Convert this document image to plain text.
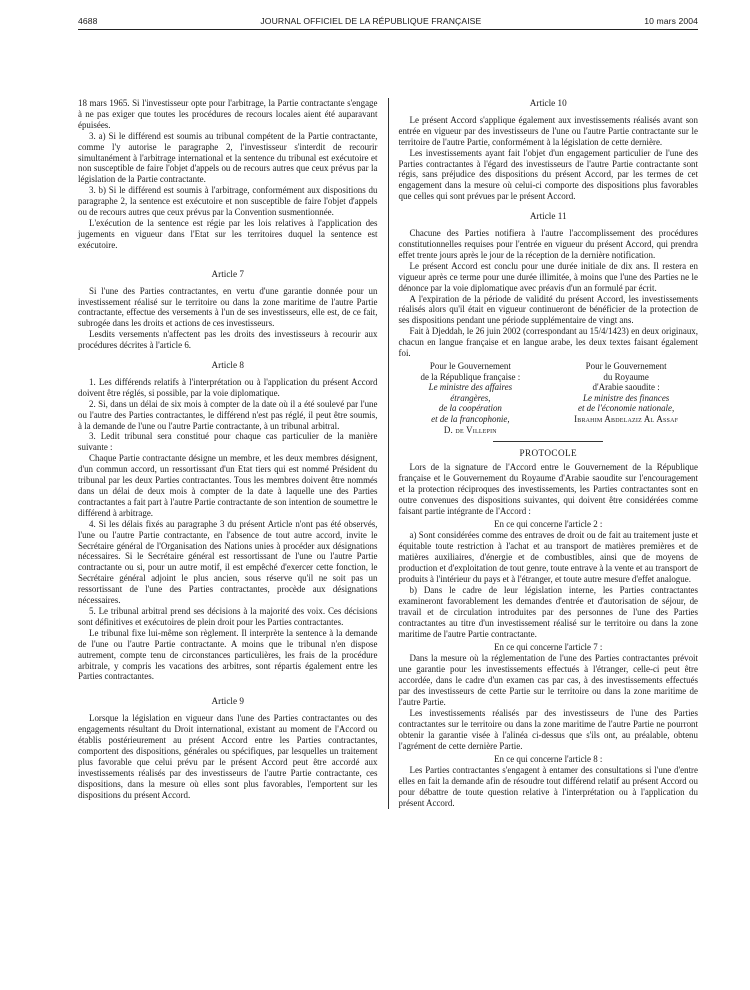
4688	JOURNAL OFFICIEL DE LA RÉPUBLIQUE FRANÇAISE	10 mars 2004

18 mars 1965. Si l'investisseur opte pour l'arbitrage, la Partie contractante s'engage à ne pas exiger que toutes les procédures de recours locales aient été auparavant épuisées.

3. a) Si le différend est soumis au tribunal compétent de la Partie contractante, comme l'y autorise le paragraphe 2, l'investisseur s'interdit de recourir simultanément à l'arbitrage international et la sentence du tribunal est exécutoire et non susceptible de faire l'objet d'appels ou de recours autres que ceux prévus par la législation de la Partie contractante.

3. b) Si le différend est soumis à l'arbitrage, conformément aux dispositions du paragraphe 2, la sentence est exécutoire et non susceptible de faire l'objet d'appels ou de recours autres que ceux prévus par la Convention susmentionnée.

L'exécution de la sentence est régie par les lois relatives à l'application des jugements en vigueur dans l'Etat sur les territoires duquel la sentence est exécutoire.

Article 7

Si l'une des Parties contractantes, en vertu d'une garantie donnée pour un investissement réalisé sur le territoire ou dans la zone maritime de l'autre Partie contractante, effectue des versements à l'un de ses investisseurs, elle est, de ce fait, subrogée dans les droits et actions de ces investisseurs.

Lesdits versements n'affectent pas les droits des investisseurs à recourir aux procédures décrites à l'article 6.

Article 8

1. Les différends relatifs à l'interprétation ou à l'application du présent Accord doivent être réglés, si possible, par la voie diplomatique.

2. Si, dans un délai de six mois à compter de la date où il a été soulevé par l'une ou l'autre des Parties contractantes, le différend n'est pas réglé, il peut être soumis, à la demande de l'une ou l'autre Partie contractante, à un tribunal arbitral.

3. Ledit tribunal sera constitué pour chaque cas particulier de la manière suivante :

Chaque Partie contractante désigne un membre, et les deux membres désignent, d'un commun accord, un ressortissant d'un Etat tiers qui est nommé Président du tribunal par les deux Parties contractantes. Tous les membres doivent être nommés dans un délai de deux mois à compter de la date à laquelle une des Parties contractantes a fait part à l'autre Partie contractante de son intention de soumettre le différend à arbitrage.

4. Si les délais fixés au paragraphe 3 du présent Article n'ont pas été observés, l'une ou l'autre Partie contractante, en l'absence de tout autre accord, invite le Secrétaire général de l'Organisation des Nations unies à procéder aux désignations nécessaires. Si le Secrétaire général est ressortissant de l'une ou l'autre Partie contractante ou si, pour un autre motif, il est empêché d'exercer cette fonction, le Secrétaire général adjoint le plus ancien, sous réserve qu'il ne soit pas un ressortissant de l'une des Parties contractantes, procède aux désignations nécessaires.

5. Le tribunal arbitral prend ses décisions à la majorité des voix. Ces décisions sont définitives et exécutoires de plein droit pour les Parties contractantes.

Le tribunal fixe lui-même son règlement. Il interprète la sentence à la demande de l'une ou l'autre Partie contractante. A moins que le tribunal n'en dispose autrement, compte tenu de circonstances particulières, les frais de la procédure arbitrale, y compris les vacations des arbitres, sont répartis également entre les Parties contractantes.

Article 9

Lorsque la législation en vigueur dans l'une des Parties contractantes ou des engagements résultant du Droit international, existant au moment de l'Accord ou établis postérieurement au présent Accord entre les Parties contractantes, comportent des dispositions, générales ou spécifiques, par lesquelles un traitement plus favorable que celui prévu par le présent Accord peut être accordé aux investissements réalisés par des investisseurs de l'autre Partie contractante, ces dispositions, dans la mesure où elles sont plus favorables, l'emportent sur les dispositions du présent Accord.

Article 10

Le présent Accord s'applique également aux investissements réalisés avant son entrée en vigueur par des investisseurs de l'une ou l'autre Partie contractante sur le territoire de l'autre Partie, conformément à la législation de cette dernière.

Les investissements ayant fait l'objet d'un engagement particulier de l'une des Parties contractantes à l'égard des investisseurs de l'autre Partie contractante sont régis, sans préjudice des dispositions du présent Accord, par les termes de cet engagement dans la mesure où celui-ci comporte des dispositions plus favorables que celles qui sont prévues par le présent Accord.

Article 11

Chacune des Parties notifiera à l'autre l'accomplissement des procédures constitutionnelles requises pour l'entrée en vigueur du présent Accord, qui prendra effet trente jours après le jour de la réception de la dernière notification.

Le présent Accord est conclu pour une durée initiale de dix ans. Il restera en vigueur après ce terme pour une durée illimitée, à moins que l'une des Parties ne le dénonce par la voie diplomatique avec préavis d'un an formulé par écrit.

A l'expiration de la période de validité du présent Accord, les investissements réalisés alors qu'il était en vigueur continueront de bénéficier de la protection de ses dispositions pendant une période supplémentaire de vingt ans.

Fait à Djeddah, le 26 juin 2002 (correspondant au 15/4/1423) en deux originaux, chacun en langue française et en langue arabe, les deux textes faisant également foi.

Pour le Gouvernement
de la République française :
Le ministre des affaires
étrangères,
de la coopération
et de la francophonie,
D. de Villepin
Pour le Gouvernement
du Royaume
d'Arabie saoudite :
Le ministre des finances
et de l'économie nationale,
Ibrahim Abdelaziz Al Assaf
PROTOCOLE

Lors de la signature de l'Accord entre le Gouvernement de la République française et le Gouvernement du Royaume d'Arabie saoudite sur l'encouragement et la protection réciproques des investissements, les Parties contractantes sont en outre convenues des dispositions suivantes, qui doivent être considérées comme faisant partie intégrante de l'Accord :

En ce qui concerne l'article 2 :

a) Sont considérées comme des entraves de droit ou de fait au traitement juste et équitable toute restriction à l'achat et au transport de matières premières et de matières auxiliaires, d'énergie et de combustibles, ainsi que de moyens de production et d'exploitation de tout genre, toute entrave à la vente et au transport de produits à l'intérieur du pays et à l'étranger, et toute autre mesure d'effet analogue.

b) Dans le cadre de leur législation interne, les Parties contractantes examineront favorablement les demandes d'entrée et d'autorisation de séjour, de travail et de circulation introduites par des personnes de l'une des Parties contractantes au titre d'un investissement réalisé sur le territoire ou dans la zone maritime de l'autre Partie contractante.

En ce qui concerne l'article 7 :

Dans la mesure où la réglementation de l'une des Parties contractantes prévoit une garantie pour les investissements effectués à l'étranger, celle-ci peut être accordée, dans le cadre d'un examen cas par cas, à des investissements effectués par des investisseurs de cette Partie sur le territoire ou dans la zone maritime de l'autre Partie.

Les investissements réalisés par des investisseurs de l'une des Parties contractantes sur le territoire ou dans la zone maritime de l'autre Partie ne pourront obtenir la garantie visée à l'alinéa ci-dessus que s'ils ont, au préalable, obtenu l'agrément de cette dernière Partie.

En ce qui concerne l'article 8 :

Les Parties contractantes s'engagent à entamer des consultations si l'une d'entre elles en fait la demande afin de résoudre tout différend relatif au présent Accord ou pour débattre de toute question relative à l'interprétation ou à l'application du présent Accord.
